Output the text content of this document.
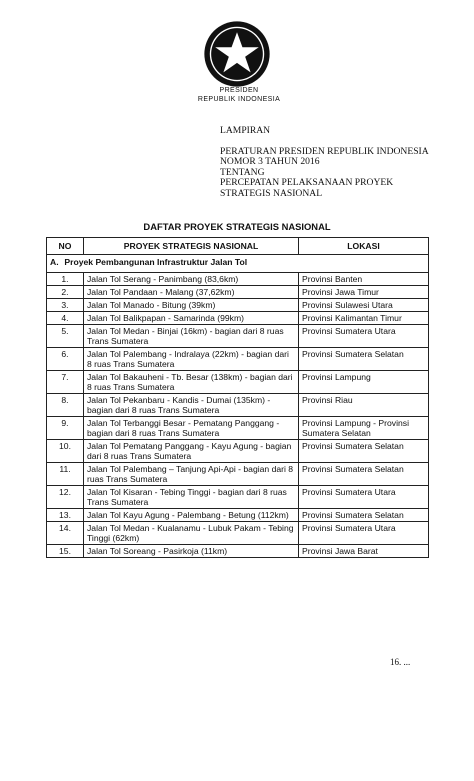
PRESIDEN
REPUBLIK INDONESIA
LAMPIRAN
PERATURAN PRESIDEN REPUBLIK INDONESIA
NOMOR 3 TAHUN 2016
TENTANG
PERCEPATAN PELAKSANAAN PROYEK
STRATEGIS NASIONAL
DAFTAR PROYEK STRATEGIS NASIONAL
NO	PROYEK STRATEGIS NASIONAL	LOKASI
A. Proyek Pembangunan Infrastruktur Jalan Tol		
1.	Jalan Tol Serang - Panimbang (83,6km)	Provinsi Banten
2.	Jalan Tol Pandaan - Malang (37,62km)	Provinsi Jawa Timur
3.	Jalan Tol Manado - Bitung (39km)	Provinsi Sulawesi Utara
4.	Jalan Tol Balikpapan - Samarinda (99km)	Provinsi Kalimantan Timur
5.	Jalan Tol Medan - Binjai (16km) - bagian dari 8 ruas Trans Sumatera	Provinsi Sumatera Utara
6.	Jalan Tol Palembang - Indralaya (22km) - bagian dari 8 ruas Trans Sumatera	Provinsi Sumatera Selatan
7.	Jalan Tol Bakauheni - Tb. Besar (138km) - bagian dari 8 ruas Trans Sumatera	Provinsi Lampung
8.	Jalan Tol Pekanbaru - Kandis - Dumai (135km) - bagian dari 8 ruas Trans Sumatera	Provinsi Riau
9.	Jalan Tol Terbanggi Besar - Pematang Panggang - bagian dari 8 ruas Trans Sumatera	Provinsi Lampung - Provinsi Sumatera Selatan
10.	Jalan Tol Pematang Panggang - Kayu Agung - bagian dari 8 ruas Trans Sumatera	Provinsi Sumatera Selatan
11.	Jalan Tol Palembang – Tanjung Api-Api - bagian dari 8 ruas Trans Sumatera	Provinsi Sumatera Selatan
12.	Jalan Tol Kisaran - Tebing Tinggi - bagian dari 8 ruas Trans Sumatera	Provinsi Sumatera Utara
13.	Jalan Tol Kayu Agung - Palembang - Betung (112km)	Provinsi Sumatera Selatan
14.	Jalan Tol Medan - Kualanamu - Lubuk Pakam - Tebing Tinggi (62km)	Provinsi Sumatera Utara
15.	Jalan Tol Soreang - Pasirkoja (11km)	Provinsi Jawa Barat
16. ...
